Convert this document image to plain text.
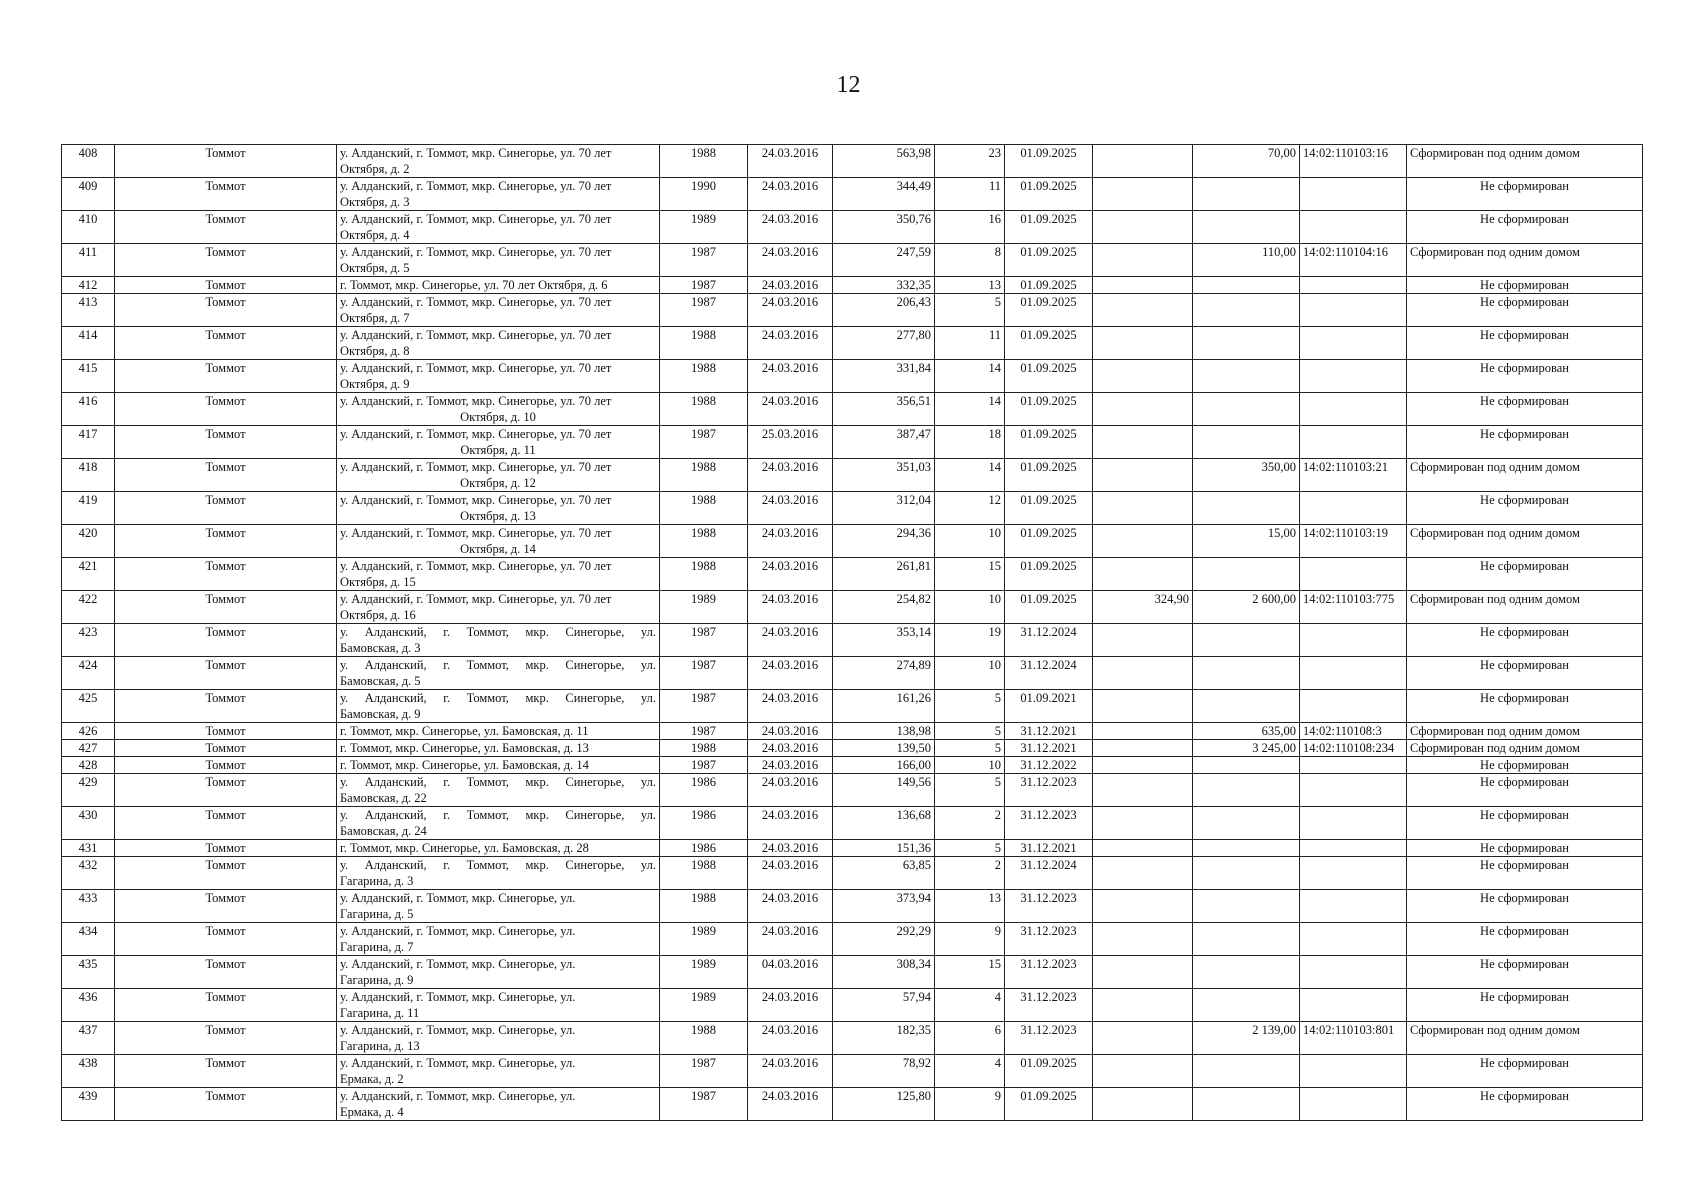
12
408	Томмот	у. Алданский, г. Томмот, мкр. Синегорье, ул. 70 лет
Октября, д. 2	1988	24.03.2016	563,98	23	01.09.2025		70,00	14:02:110103:16	Сформирован под одним домом
409	Томмот	у. Алданский, г. Томмот, мкр. Синегорье, ул. 70 лет
Октября, д. 3	1990	24.03.2016	344,49	11	01.09.2025				Не сформирован
410	Томмот	у. Алданский, г. Томмот, мкр. Синегорье, ул. 70 лет
Октября, д. 4	1989	24.03.2016	350,76	16	01.09.2025				Не сформирован
411	Томмот	у. Алданский, г. Томмот, мкр. Синегорье, ул. 70 лет
Октября, д. 5	1987	24.03.2016	247,59	8	01.09.2025		110,00	14:02:110104:16	Сформирован под одним домом
412	Томмот	г. Томмот, мкр. Синегорье, ул. 70 лет Октября, д. 6	1987	24.03.2016	332,35	13	01.09.2025				Не сформирован
413	Томмот	у. Алданский, г. Томмот, мкр. Синегорье, ул. 70 лет
Октября, д. 7	1987	24.03.2016	206,43	5	01.09.2025				Не сформирован
414	Томмот	у. Алданский, г. Томмот, мкр. Синегорье, ул. 70 лет
Октября, д. 8	1988	24.03.2016	277,80	11	01.09.2025				Не сформирован
415	Томмот	у. Алданский, г. Томмот, мкр. Синегорье, ул. 70 лет
Октября, д. 9	1988	24.03.2016	331,84	14	01.09.2025				Не сформирован
416	Томмот	у. Алданский, г. Томмот, мкр. Синегорье, ул. 70 лет
Октября, д. 10	1988	24.03.2016	356,51	14	01.09.2025				Не сформирован
417	Томмот	у. Алданский, г. Томмот, мкр. Синегорье, ул. 70 лет
Октября, д. 11	1987	25.03.2016	387,47	18	01.09.2025				Не сформирован
418	Томмот	у. Алданский, г. Томмот, мкр. Синегорье, ул. 70 лет
Октября, д. 12	1988	24.03.2016	351,03	14	01.09.2025		350,00	14:02:110103:21	Сформирован под одним домом
419	Томмот	у. Алданский, г. Томмот, мкр. Синегорье, ул. 70 лет
Октября, д. 13	1988	24.03.2016	312,04	12	01.09.2025				Не сформирован
420	Томмот	у. Алданский, г. Томмот, мкр. Синегорье, ул. 70 лет
Октября, д. 14	1988	24.03.2016	294,36	10	01.09.2025		15,00	14:02:110103:19	Сформирован под одним домом
421	Томмот	у. Алданский, г. Томмот, мкр. Синегорье, ул. 70 лет
Октября, д. 15	1988	24.03.2016	261,81	15	01.09.2025				Не сформирован
422	Томмот	у. Алданский, г. Томмот, мкр. Синегорье, ул. 70 лет
Октября, д. 16	1989	24.03.2016	254,82	10	01.09.2025	324,90	2 600,00	14:02:110103:775	Сформирован под одним домом
423	Томмот	у. Алданский, г. Томмот, мкр. Синегорье, ул.
Бамовская, д. 3	1987	24.03.2016	353,14	19	31.12.2024				Не сформирован
424	Томмот	у. Алданский, г. Томмот, мкр. Синегорье, ул.
Бамовская, д. 5	1987	24.03.2016	274,89	10	31.12.2024				Не сформирован
425	Томмот	у. Алданский, г. Томмот, мкр. Синегорье, ул.
Бамовская, д. 9	1987	24.03.2016	161,26	5	01.09.2021				Не сформирован
426	Томмот	г. Томмот, мкр. Синегорье, ул. Бамовская, д. 11	1987	24.03.2016	138,98	5	31.12.2021		635,00	14:02:110108:3	Сформирован под одним домом
427	Томмот	г. Томмот, мкр. Синегорье, ул. Бамовская, д. 13	1988	24.03.2016	139,50	5	31.12.2021		3 245,00	14:02:110108:234	Сформирован под одним домом
428	Томмот	г. Томмот, мкр. Синегорье, ул. Бамовская, д. 14	1987	24.03.2016	166,00	10	31.12.2022				Не сформирован
429	Томмот	у. Алданский, г. Томмот, мкр. Синегорье, ул.
Бамовская, д. 22	1986	24.03.2016	149,56	5	31.12.2023				Не сформирован
430	Томмот	у. Алданский, г. Томмот, мкр. Синегорье, ул.
Бамовская, д. 24	1986	24.03.2016	136,68	2	31.12.2023				Не сформирован
431	Томмот	г. Томмот, мкр. Синегорье, ул. Бамовская, д. 28	1986	24.03.2016	151,36	5	31.12.2021				Не сформирован
432	Томмот	у. Алданский, г. Томмот, мкр. Синегорье, ул.
Гагарина, д. 3	1988	24.03.2016	63,85	2	31.12.2024				Не сформирован
433	Томмот	у. Алданский, г. Томмот, мкр. Синегорье, ул.
Гагарина, д. 5	1988	24.03.2016	373,94	13	31.12.2023				Не сформирован
434	Томмот	у. Алданский, г. Томмот, мкр. Синегорье, ул.
Гагарина, д. 7	1989	24.03.2016	292,29	9	31.12.2023				Не сформирован
435	Томмот	у. Алданский, г. Томмот, мкр. Синегорье, ул.
Гагарина, д. 9	1989	04.03.2016	308,34	15	31.12.2023				Не сформирован
436	Томмот	у. Алданский, г. Томмот, мкр. Синегорье, ул.
Гагарина, д. 11	1989	24.03.2016	57,94	4	31.12.2023				Не сформирован
437	Томмот	у. Алданский, г. Томмот, мкр. Синегорье, ул.
Гагарина, д. 13	1988	24.03.2016	182,35	6	31.12.2023		2 139,00	14:02:110103:801	Сформирован под одним домом
438	Томмот	у. Алданский, г. Томмот, мкр. Синегорье, ул.
Ермака, д. 2	1987	24.03.2016	78,92	4	01.09.2025				Не сформирован
439	Томмот	у. Алданский, г. Томмот, мкр. Синегорье, ул.
Ермака, д. 4	1987	24.03.2016	125,80	9	01.09.2025				Не сформирован
